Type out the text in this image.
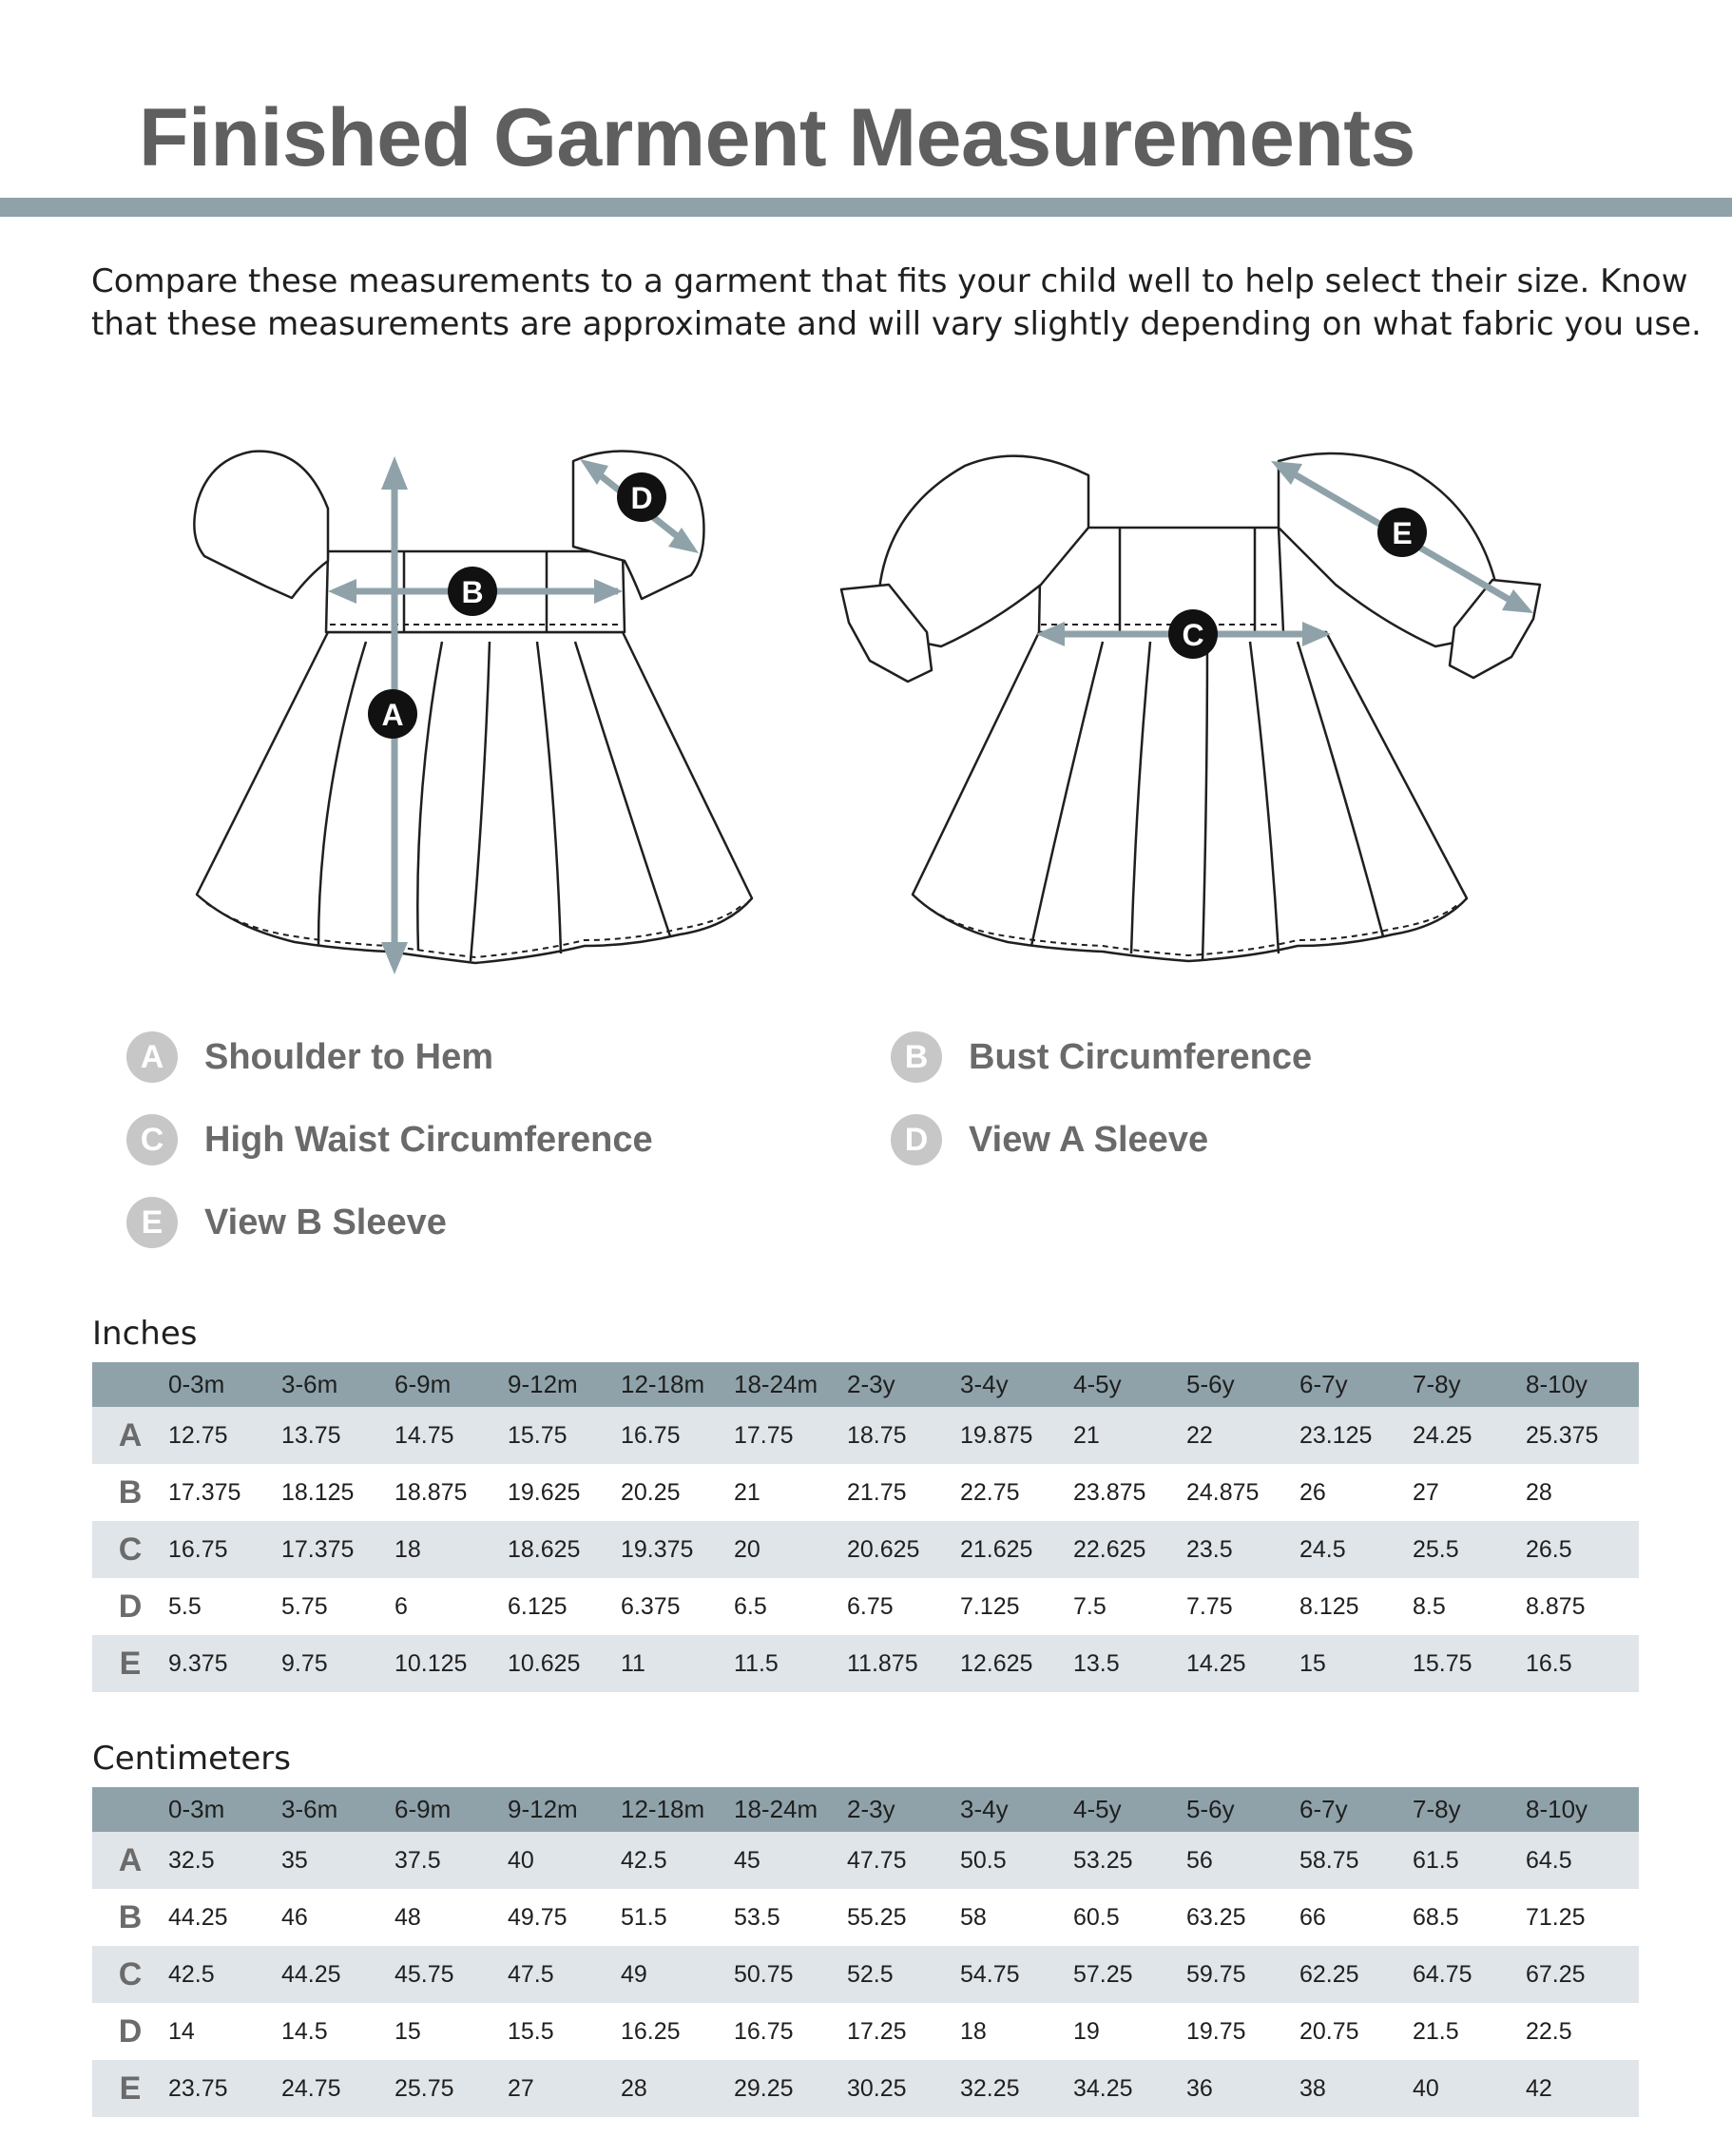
Finished Garment Measurements

Compare these measurements to a garment that fits your child well to help select their size. Know that these measurements are approximate and will vary slightly depending on what fabric you use.

A
B
D
C
E
A	Shoulder to Hem	B	Bust Circumference
C	High Waist Circumference	D	View A Sleeve
E	View B Sleeve
Inches
	0-3m	3-6m	6-9m	9-12m	12-18m	18-24m	2-3y	3-4y	4-5y	5-6y	6-7y	7-8y	8-10y
A	12.75	13.75	14.75	15.75	16.75	17.75	18.75	19.875	21	22	23.125	24.25	25.375
B	17.375	18.125	18.875	19.625	20.25	21	21.75	22.75	23.875	24.875	26	27	28
C	16.75	17.375	18	18.625	19.375	20	20.625	21.625	22.625	23.5	24.5	25.5	26.5
D	5.5	5.75	6	6.125	6.375	6.5	6.75	7.125	7.5	7.75	8.125	8.5	8.875
E	9.375	9.75	10.125	10.625	11	11.5	11.875	12.625	13.5	14.25	15	15.75	16.5
Centimeters
	0-3m	3-6m	6-9m	9-12m	12-18m	18-24m	2-3y	3-4y	4-5y	5-6y	6-7y	7-8y	8-10y
A	32.5	35	37.5	40	42.5	45	47.75	50.5	53.25	56	58.75	61.5	64.5
B	44.25	46	48	49.75	51.5	53.5	55.25	58	60.5	63.25	66	68.5	71.25
C	42.5	44.25	45.75	47.5	49	50.75	52.5	54.75	57.25	59.75	62.25	64.75	67.25
D	14	14.5	15	15.5	16.25	16.75	17.25	18	19	19.75	20.75	21.5	22.5
E	23.75	24.75	25.75	27	28	29.25	30.25	32.25	34.25	36	38	40	42
